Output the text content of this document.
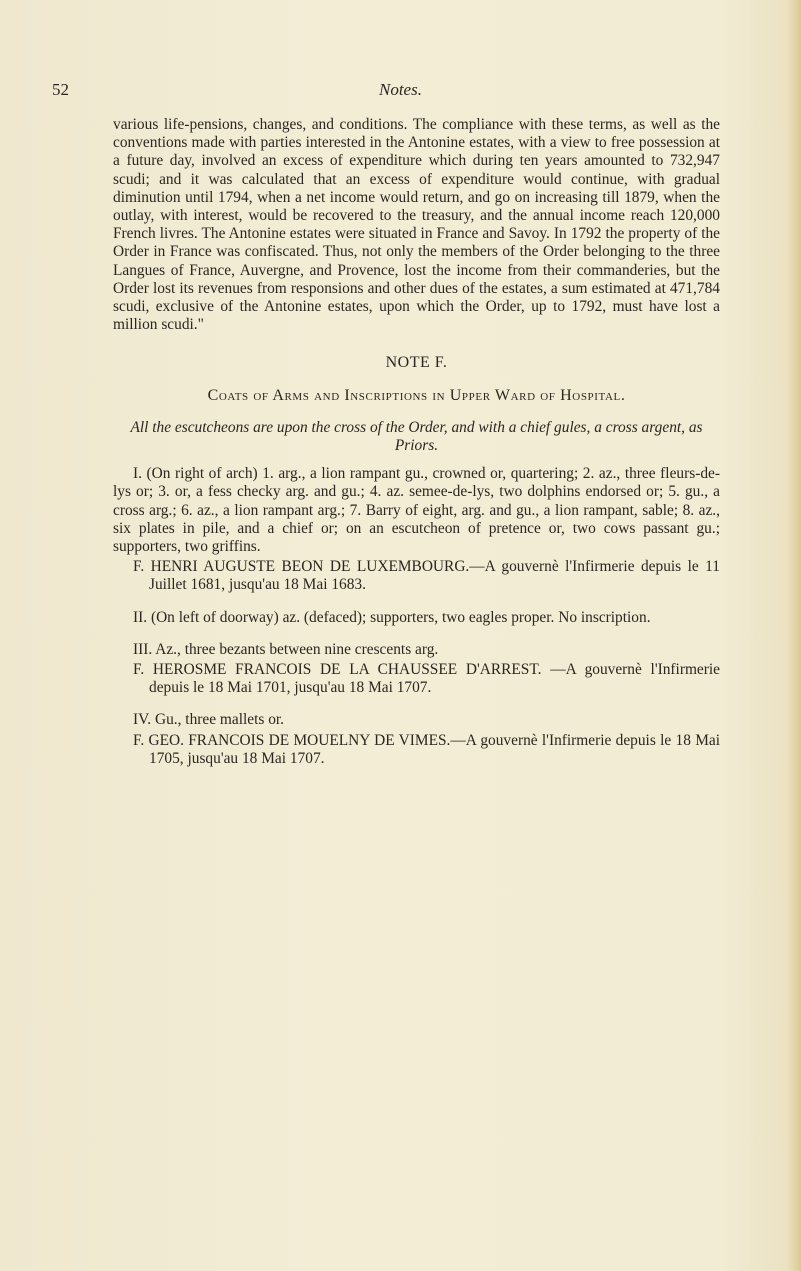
52	Notes.

various life-pensions, changes, and conditions. The compliance with these terms, as well as the conventions made with parties interested in the Antonine estates, with a view to free possession at a future day, involved an excess of expenditure which during ten years amounted to 732,947 scudi; and it was calculated that an excess of expenditure would continue, with gradual diminution until 1794, when a net income would return, and go on increasing till 1879, when the outlay, with interest, would be recovered to the treasury, and the annual income reach 120,000 French livres. The Antonine estates were situated in France and Savoy. In 1792 the property of the Order in France was confiscated. Thus, not only the members of the Order belonging to the three Langues of France, Auvergne, and Provence, lost the income from their commanderies, but the Order lost its revenues from responsions and other dues of the estates, a sum estimated at 471,784 scudi, exclusive of the Antonine estates, upon which the Order, up to 1792, must have lost a million scudi."

NOTE F.
Coats of Arms and Inscriptions in Upper Ward of Hospital.
All the escutcheons are upon the cross of the Order, and with a chief gules, a cross argent, as Priors.

I. (On right of arch) 1. arg., a lion rampant gu., crowned or, quartering; 2. az., three fleurs-de-lys or; 3. or, a fess checky arg. and gu.; 4. az. semee-de-lys, two dolphins endorsed or; 5. gu., a cross arg.; 6. az., a lion rampant arg.; 7. Barry of eight, arg. and gu., a lion rampant, sable; 8. az., six plates in pile, and a chief or; on an escutcheon of pretence or, two cows passant gu.; supporters, two griffins.

F. HENRI AUGUSTE BEON DE LUXEMBOURG.—A gouvernè l'Infirmerie depuis le 11 Juillet 1681, jusqu'au 18 Mai 1683.

II. (On left of doorway) az. (defaced); supporters, two eagles proper. No inscription.

III. Az., three bezants between nine crescents arg.

F. HEROSME FRANCOIS DE LA CHAUSSEE D'ARREST. —A gouvernè l'Infirmerie depuis le 18 Mai 1701, jusqu'au 18 Mai 1707.

IV. Gu., three mallets or.

F. GEO. FRANCOIS DE MOUELNY DE VIMES.—A gouvernè l'Infirmerie depuis le 18 Mai 1705, jusqu'au 18 Mai 1707.
